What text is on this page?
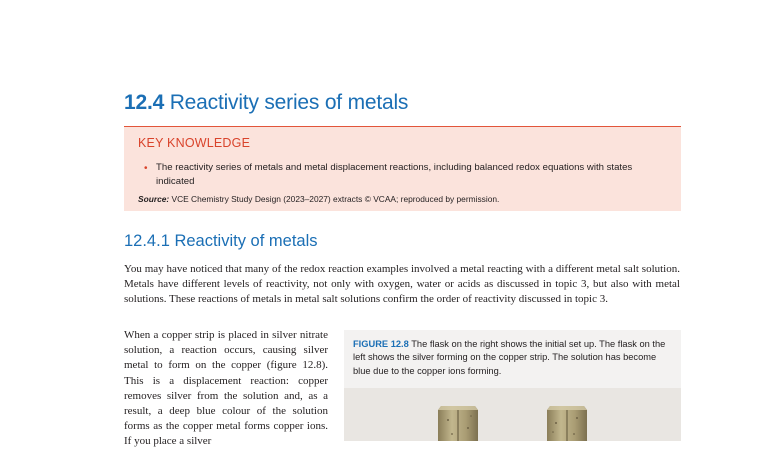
12.4 Reactivity series of metals
KEY KNOWLEDGE
• The reactivity series of metals and metal displacement reactions, including balanced redox equations with states indicated
Source: VCE Chemistry Study Design (2023–2027) extracts © VCAA; reproduced by permission.
12.4.1 Reactivity of metals
You may have noticed that many of the redox reaction examples involved a metal reacting with a different metal salt solution. Metals have different levels of reactivity, not only with oxygen, water or acids as discussed in topic 3, but also with metal solutions. These reactions of metals in metal salt solutions confirm the order of reactivity discussed in topic 3.
When a copper strip is placed in silver nitrate solution, a reaction occurs, causing silver metal to form on the copper (figure 12.8). This is a displacement reaction: copper removes silver from the solution and, as a result, a deep blue colour of the solution forms as the copper metal forms copper ions. If you place a silver
FIGURE 12.8 The flask on the right shows the initial set up. The flask on the left shows the silver forming on the copper strip. The solution has become blue due to the copper ions forming.
